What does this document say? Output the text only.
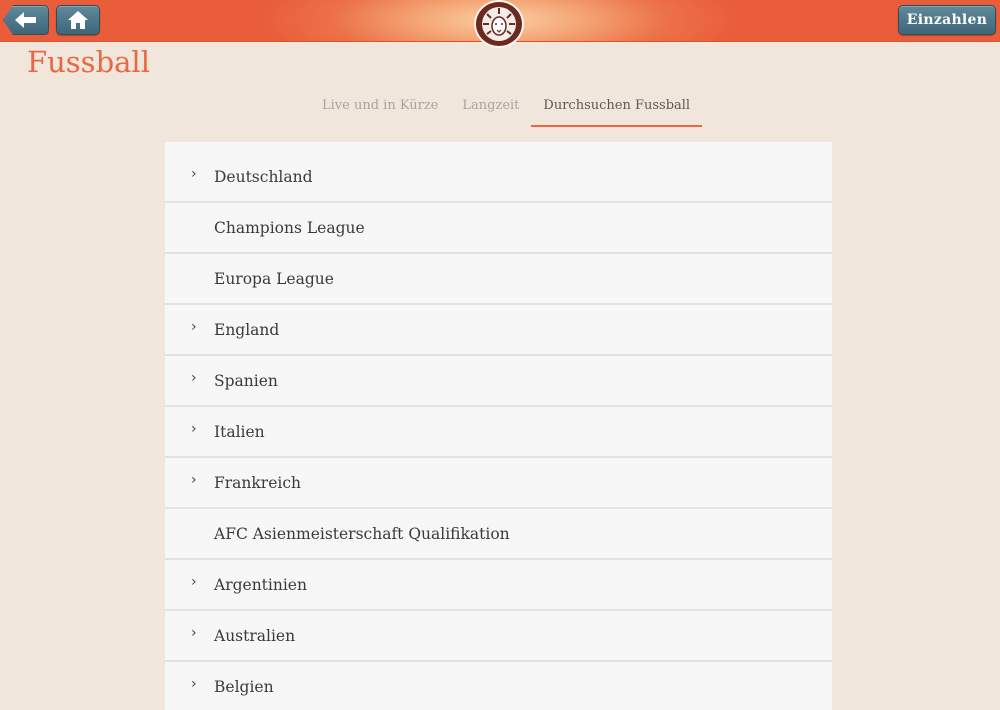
Einzahlen
Fussball
Live und in Kürze	Langzeit	Durchsuchen Fussball
› Deutschland
Champions League
Europa League
› England
› Spanien
› Italien
› Frankreich
AFC Asienmeisterschaft Qualifikation
› Argentinien
› Australien
› Belgien
